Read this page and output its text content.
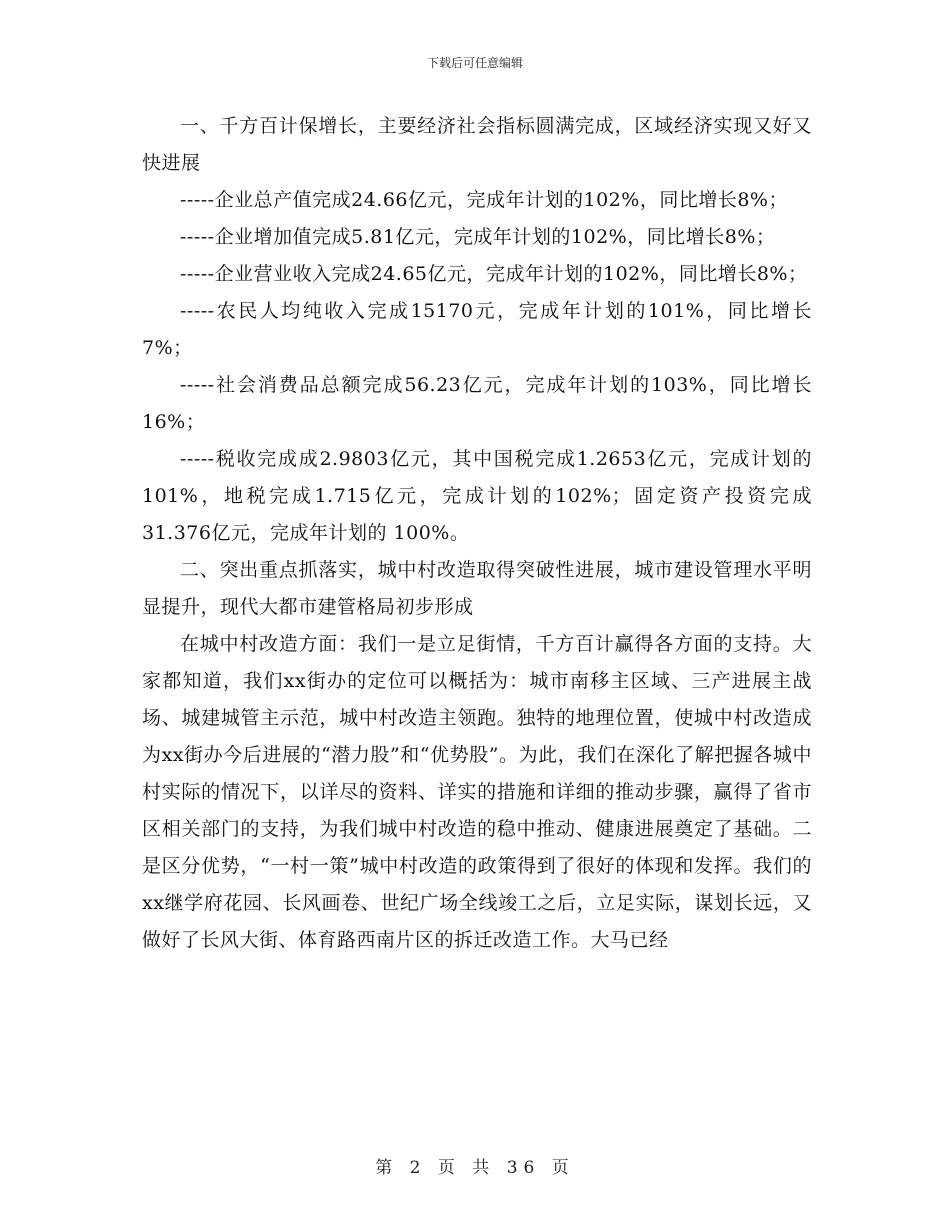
下载后可任意编辑

一、千方百计保增长，主要经济社会指标圆满完成，区域经济实现又好又快进展

-----企业总产值完成24.66亿元，完成年计划的102%，同比增长8%；

-----企业增加值完成5.81亿元，完成年计划的102%，同比增长8%；

-----企业营业收入完成24.65亿元，完成年计划的102%，同比增长8%；

-----农民人均纯收入完成15170元，完成年计划的101%，同比增长7%；

-----社会消费品总额完成56.23亿元，完成年计划的103%，同比增长16%；

-----税收完成成2.9803亿元，其中国税完成1.2653亿元，完成计划的101%，地税完成1.715亿元，完成计划的102%；固定资产投资完成 31.376亿元，完成年计划的 100%。

二、突出重点抓落实，城中村改造取得突破性进展，城市建设管理水平明显提升，现代大都市建管格局初步形成

在城中村改造方面：我们一是立足街情，千方百计赢得各方面的支持。大家都知道，我们xx街办的定位可以概括为：城市南移主区域、三产进展主战场、城建城管主示范，城中村改造主领跑。独特的地理位置，使城中村改造成为xx街办今后进展的“潜力股”和“优势股”。为此，我们在深化了解把握各城中村实际的情况下，以详尽的资料、详实的措施和详细的推动步骤，赢得了省市区相关部门的支持，为我们城中村改造的稳中推动、健康进展奠定了基础。二是区分优势，“一村一策”城中村改造的政策得到了很好的体现和发挥。我们的xx继学府花园、长风画卷、世纪广场全线竣工之后，立足实际，谋划长远，又做好了长风大街、体育路西南片区的拆迁改造工作。大马已经

第 2 页 共 36 页
